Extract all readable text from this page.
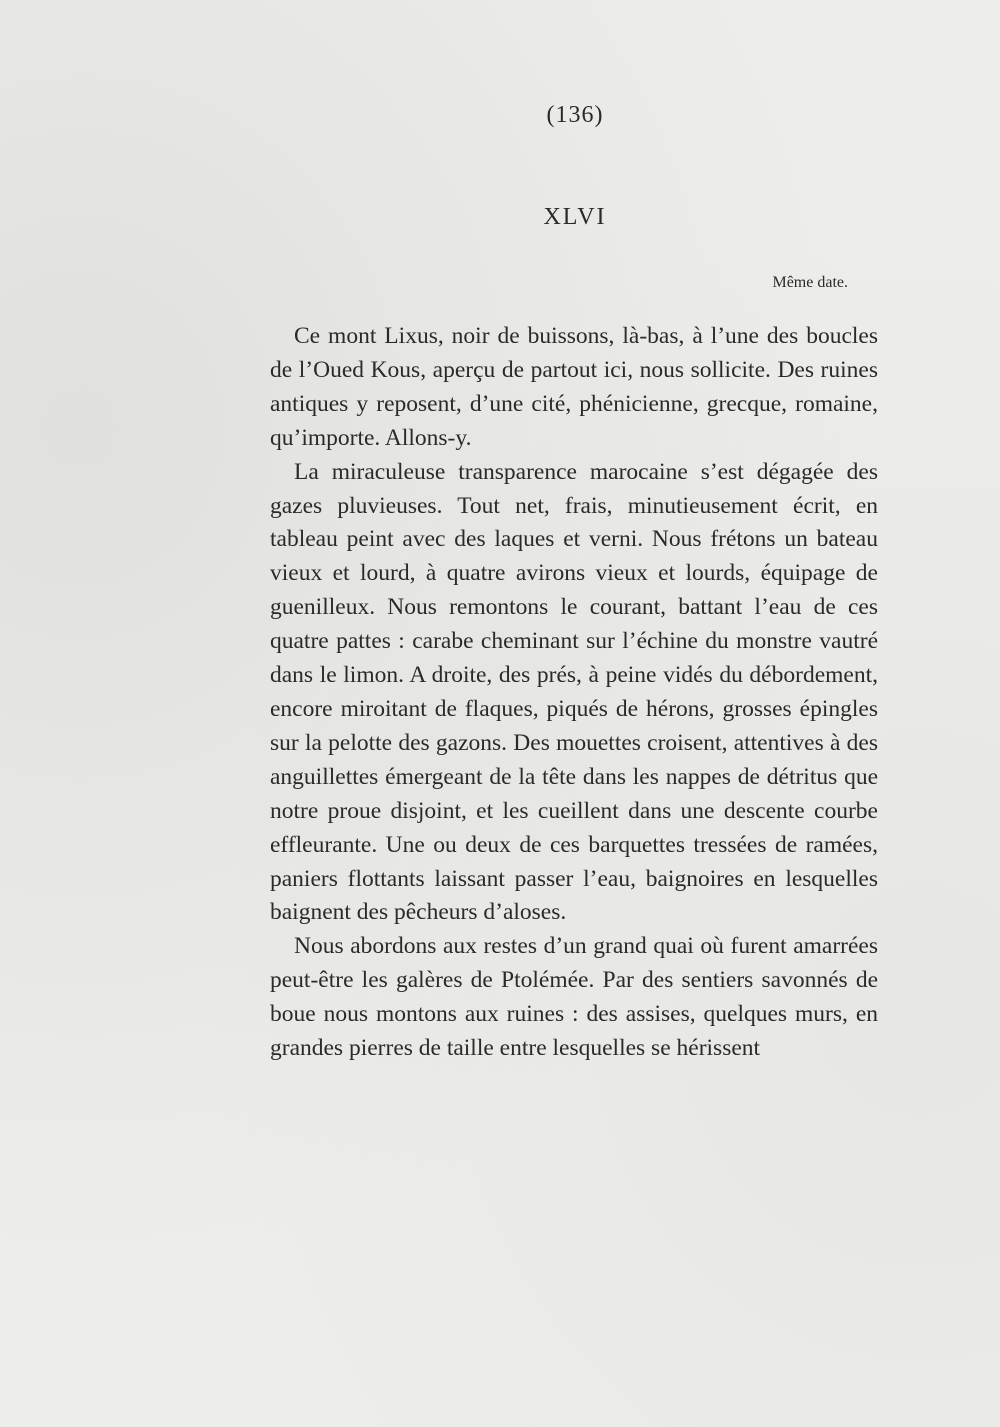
(136)
XLVI
Même date.

Ce mont Lixus, noir de buissons, là-bas, à l’une des boucles de l’Oued Kous, aperçu de partout ici, nous sollicite. Des ruines antiques y reposent, d’une cité, phénicienne, grecque, romaine, qu’importe. Allons-y.

La miraculeuse transparence marocaine s’est dégagée des gazes pluvieuses. Tout net, frais, minutieusement écrit, en tableau peint avec des laques et verni. Nous frétons un bateau vieux et lourd, à quatre avirons vieux et lourds, équipage de guenilleux. Nous remontons le courant, battant l’eau de ces quatre pattes : carabe cheminant sur l’échine du monstre vautré dans le limon. A droite, des prés, à peine vidés du débordement, encore miroitant de flaques, piqués de hérons, grosses épingles sur la pelotte des gazons. Des mouettes croisent, attentives à des anguillettes émergeant de la tête dans les nappes de détritus que notre proue disjoint, et les cueillent dans une descente courbe effleurante. Une ou deux de ces barquettes tressées de ramées, paniers flottants laissant passer l’eau, baignoires en lesquelles baignent des pêcheurs d’aloses.

Nous abordons aux restes d’un grand quai où furent amarrées peut-être les galères de Ptolémée. Par des sentiers savonnés de boue nous montons aux ruines : des assises, quelques murs, en grandes pierres de taille entre lesquelles se hérissent
